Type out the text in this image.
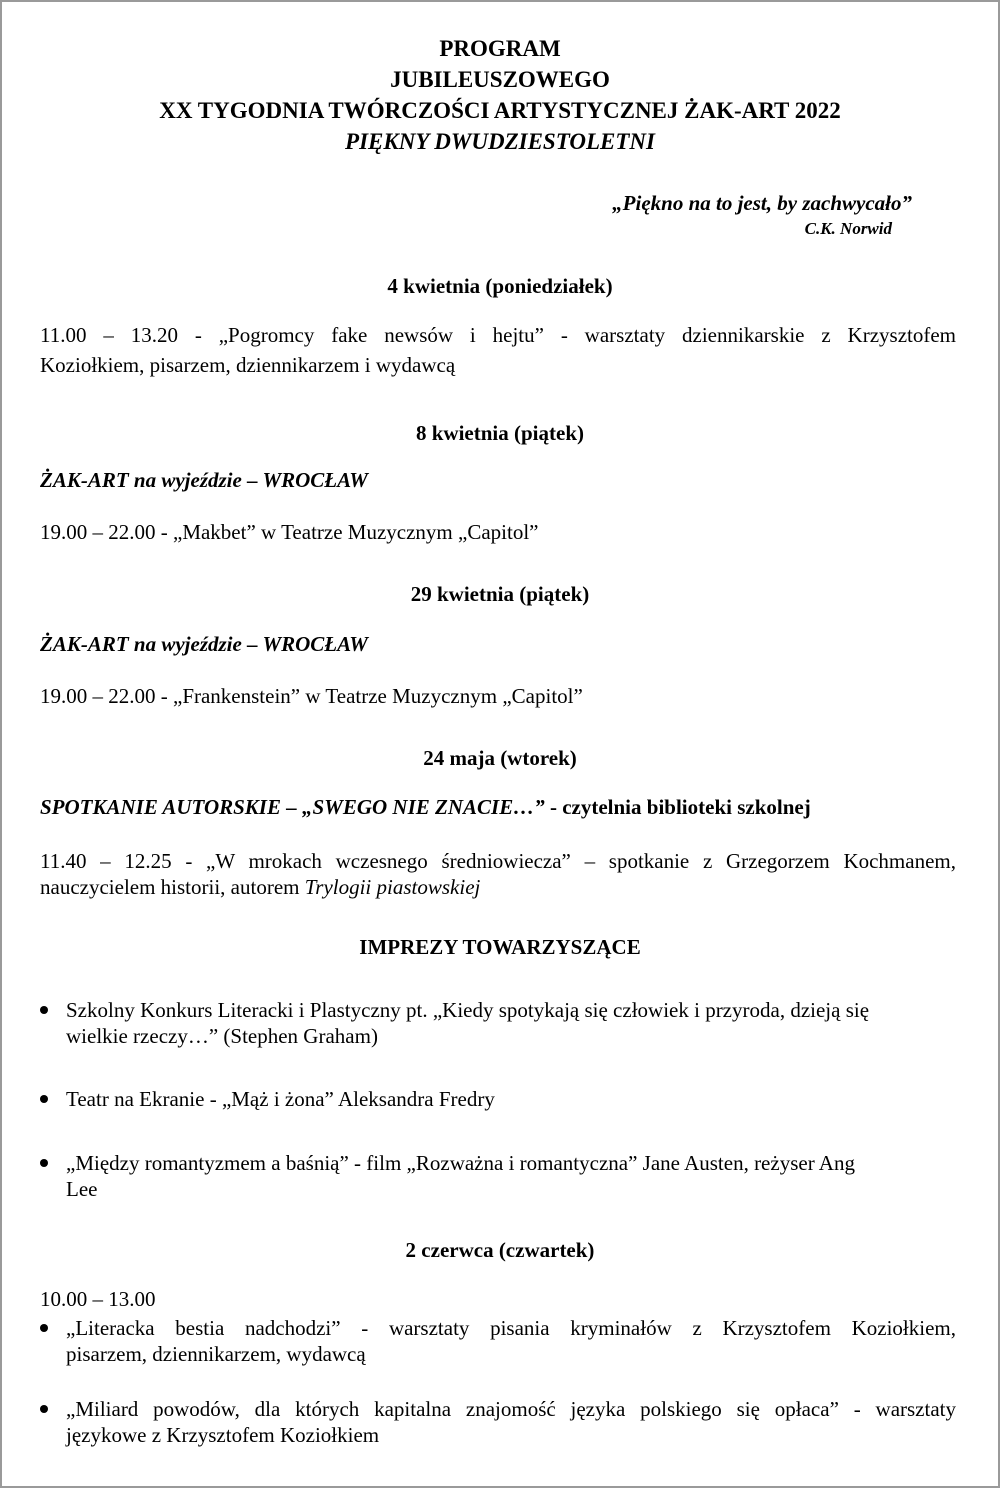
PROGRAM
JUBILEUSZOWEGO
XX TYGODNIA TWÓRCZOŚCI ARTYSTYCZNEJ ŻAK-ART 2022
PIĘKNY DWUDZIESTOLETNI
„Piękno na to jest, by zachwycało”
C.K. Norwid
4 kwietnia (poniedziałek)
11.00 – 13.20 - „Pogromcy fake newsów i hejtu” - warsztaty dziennikarskie z Krzysztofem
Koziołkiem, pisarzem, dziennikarzem i wydawcą
8 kwietnia (piątek)
ŻAK-ART na wyjeździe – WROCŁAW
19.00 – 22.00 - „Makbet” w Teatrze Muzycznym „Capitol”
29 kwietnia (piątek)
ŻAK-ART na wyjeździe – WROCŁAW
19.00 – 22.00 - „Frankenstein” w Teatrze Muzycznym „Capitol”
24 maja (wtorek)
SPOTKANIE AUTORSKIE – „SWEGO NIE ZNACIE…” - czytelnia biblioteki szkolnej
11.40 – 12.25 - „W mrokach wczesnego średniowiecza” – spotkanie z Grzegorzem Kochmanem,
nauczycielem historii, autorem Trylogii piastowskiej
IMPREZY TOWARZYSZĄCE
Szkolny Konkurs Literacki i Plastyczny pt. „Kiedy spotykają się człowiek i przyroda, dzieją się
wielkie rzeczy…” (Stephen Graham)
Teatr na Ekranie - „Mąż i żona” Aleksandra Fredry
„Między romantyzmem a baśnią” - film „Rozważna i romantyczna” Jane Austen, reżyser Ang
Lee
2 czerwca (czwartek)
10.00 – 13.00
„Literacka bestia nadchodzi” - warsztaty pisania kryminałów z Krzysztofem Koziołkiem,
pisarzem, dziennikarzem, wydawcą
„Miliard powodów, dla których kapitalna znajomość języka polskiego się opłaca” - warsztaty
językowe z Krzysztofem Koziołkiem
